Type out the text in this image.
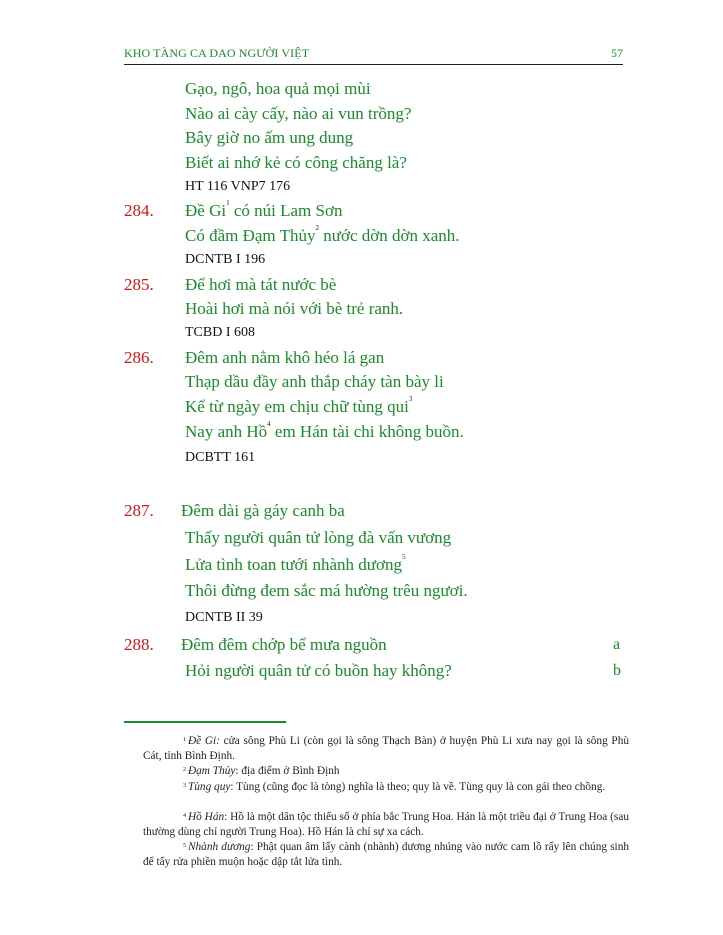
KHO TÀNG CA DAO NGƯỜI VIỆT	57
Gạo, ngô, hoa quả mọi mùi
Nào ai cày cấy, nào ai vun trồng?
Bây giờ no ấm ung dung
Biết ai nhớ kẻ có công chăng là?
HT 116 VNP7 176
284. Đề Gi$^1$ có núi Lam Sơn
Có đầm Đạm Thủy$^2$ nước dờn dờn xanh.
DCNTB I 196
285. Để hơi mà tát nước bè
Hoài hơi mà nói với bè trẻ ranh.
TCBD I 608
286. Đêm anh nằm khô héo lá gan
Thạp dầu đầy anh thắp cháy tàn bày li
Kể từ ngày em chịu chữ tùng qui$^3$
Nay anh Hồ$^4$ em Hán tài chi không buồn.
DCBTT 161
287. Đêm dài gà gáy canh ba
Thấy người quân tử lòng đà vấn vương
Lửa tình toan tưới nhành dương$^5$
Thôi đừng đem sắc má hường trêu ngươi.
DCNTB II 39
288. Đêm đêm chớp bể mưa nguồn	a
Hỏi người quân tử có buồn hay không?	b
$^1$ Đề Gi: cửa sông Phù Li (còn gọi là sông Thạch Bàn) ở huyện Phù Li xưa nay gọi là sông Phù Cát, tỉnh Bình Định.
$^2$ Đạm Thủy: địa điểm ở Bình Định
$^3$ Tùng quy: Tùng (cũng đọc là tòng) nghĩa là theo; quy là về. Tùng quy là con gái theo chồng.
$^4$ Hồ Hán: Hồ là một dân tộc thiểu số ở phía bắc Trung Hoa. Hán là một triều đại ở Trung Hoa (sau thường dùng chỉ người Trung Hoa). Hồ Hán là chỉ sự xa cách.
$^5$ Nhành dương: Phật quan âm lấy cành (nhành) dương nhúng vào nước cam lồ rẩy lên chúng sinh để tẩy rửa phiền muộn hoặc dập tắt lửa tình.
